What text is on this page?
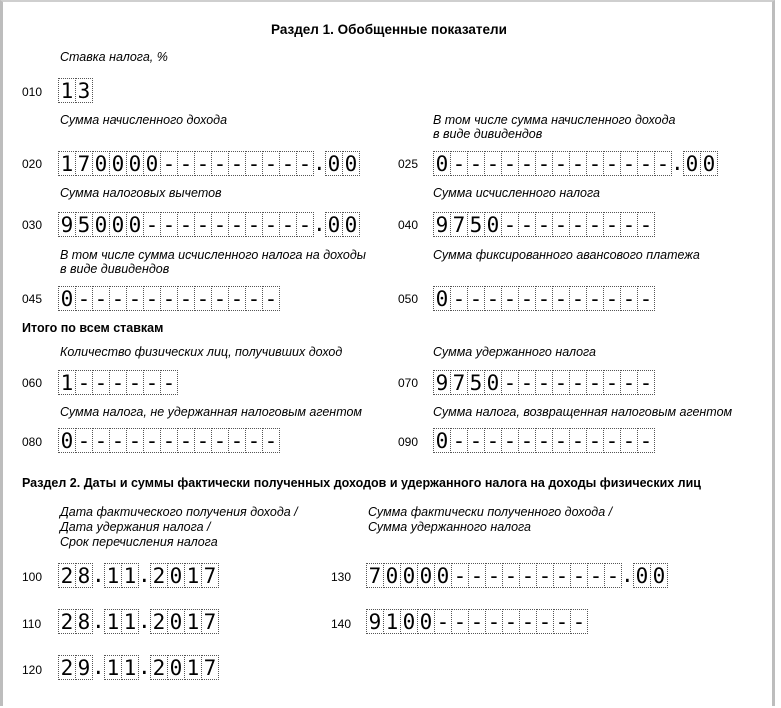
Раздел 1. Обобщенные показатели
Ставка налога, %
010 1 3
Сумма начисленного дохода	В том числе сумма начисленного дохода
в виде дивидендов
020 1 7 0 0 0 0 - - - - - - - - - . 0 0	025 0 - - - - - - - - - - - - - . 0 0
Сумма налоговых вычетов	Сумма исчисленного налога
030 9 5 0 0 0 - - - - - - - - - - . 0 0	040 9 7 5 0 - - - - - - - - -
В том числе сумма исчисленного налога на доходы
в виде дивидендов
Сумма фиксированного авансового платежа
045 0 - - - - - - - - - - - -	050 0 - - - - - - - - - - - -
Итого по всем ставкам
Количество физических лиц, получивших доход	Сумма удержанного налога
060 1 - - - - - -	070 9 7 5 0 - - - - - - - - -
Сумма налога, не удержанная налоговым агентом	Сумма налога, возвращенная налоговым агентом
080 0 - - - - - - - - - - - -	090 0 - - - - - - - - - - - -
Раздел 2. Даты и суммы фактически полученных доходов и удержанного налога на доходы физических лиц
Дата фактического получения дохода /
Дата удержания налога /
Срок перечисления налога
Сумма фактически полученного дохода /
Сумма удержанного налога
100 2 8 . 1 1 . 2 0 1 7	130 7 0 0 0 0 - - - - - - - - - - . 0 0
110 2 8 . 1 1 . 2 0 1 7	140 9 1 0 0 - - - - - - - - -
120 2 9 . 1 1 . 2 0 1 7
